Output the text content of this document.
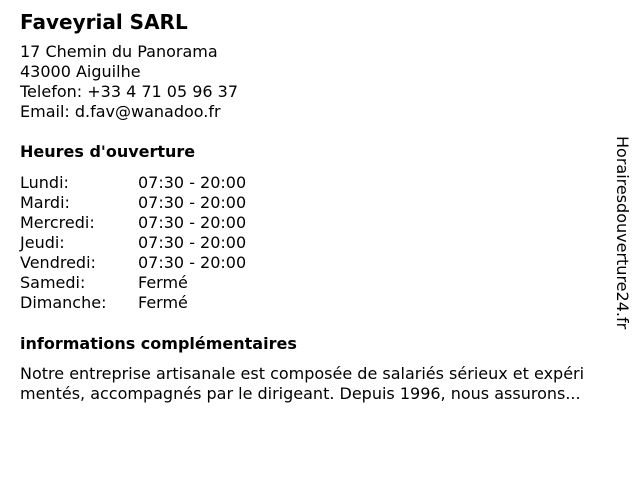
Faveyrial SARL
17 Chemin du Panorama
43000 Aiguilhe
Telefon: +33 4 71 05 96 37
Email: d.fav@wanadoo.fr
Heures d'ouverture
Lundi:	07:30 - 20:00
Mardi:	07:30 - 20:00
Mercredi:	07:30 - 20:00
Jeudi:	07:30 - 20:00
Vendredi:	07:30 - 20:00
Samedi:	Fermé
Dimanche:	Fermé
informations complémentaires
Notre entreprise artisanale est composée de salariés sérieux et expéri
mentés, accompagnés par le dirigeant. Depuis 1996, nous assurons...
Horairesdouverture24.fr
